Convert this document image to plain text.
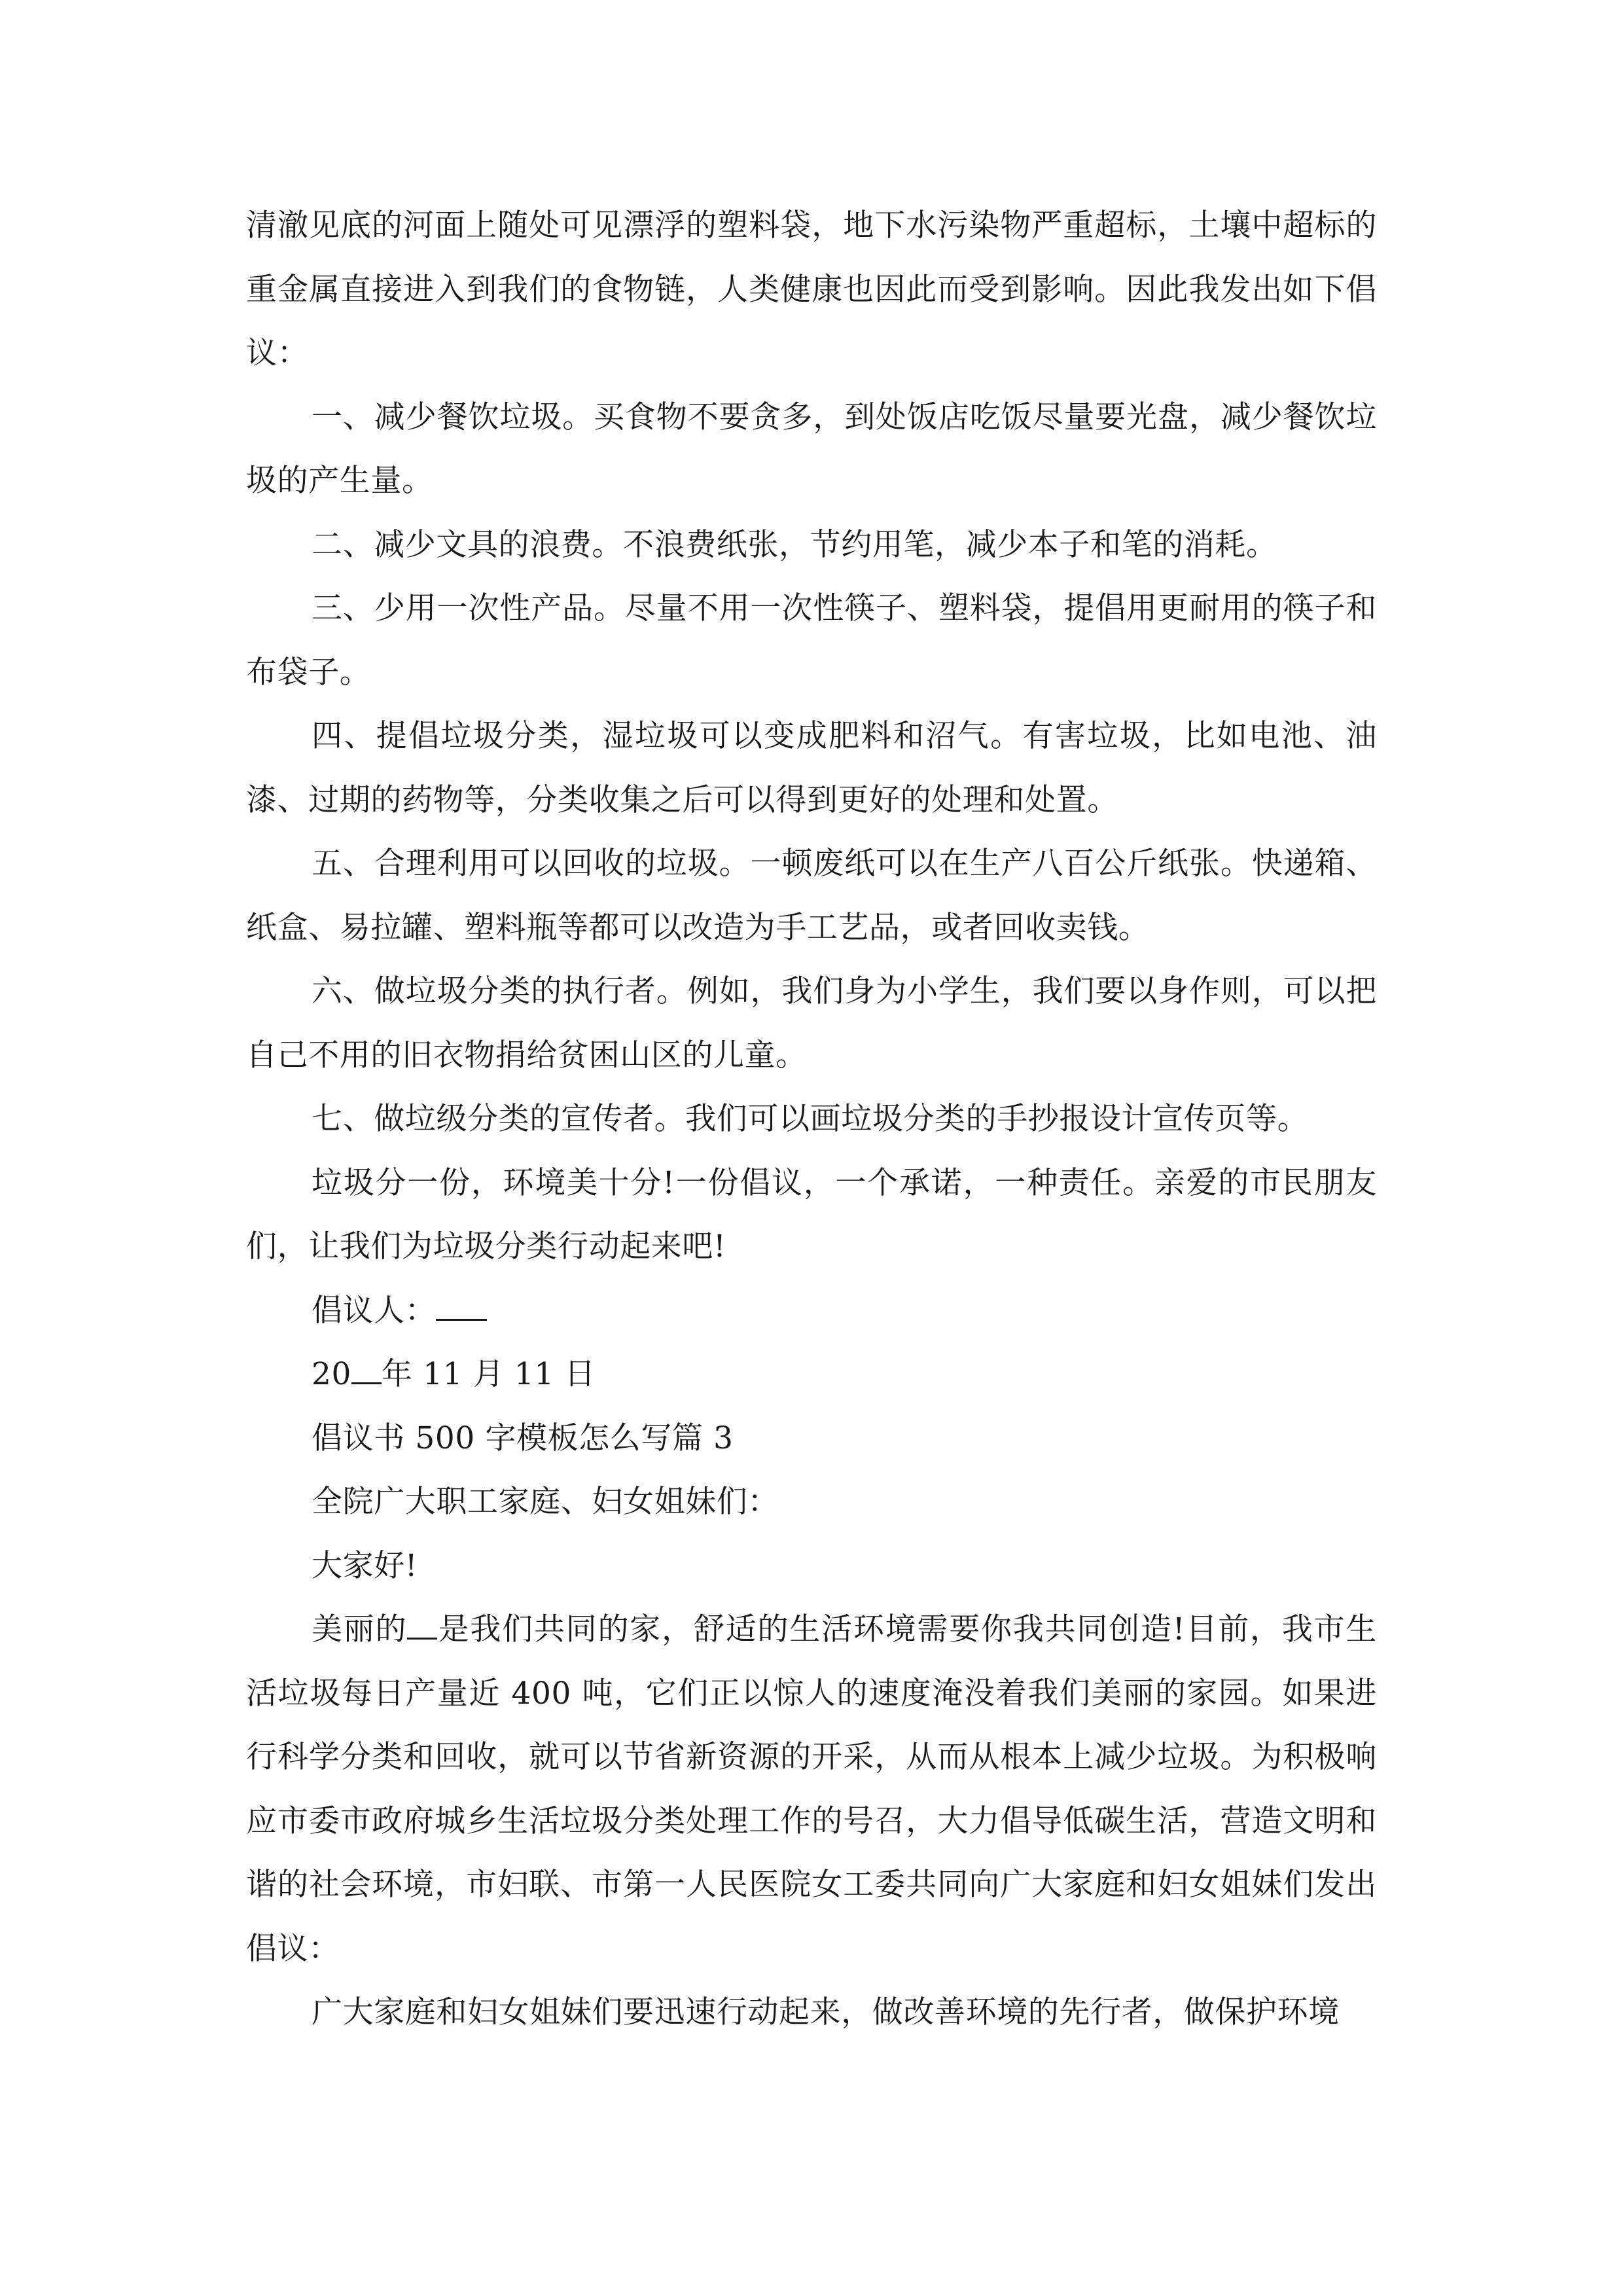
清澈见底的河面上随处可见漂浮的塑料袋，地下水污染物严重超标，土壤中超标的重金属直接进入到我们的食物链，人类健康也因此而受到影响。因此我发出如下倡议：

一、减少餐饮垃圾。买食物不要贪多，到处饭店吃饭尽量要光盘，减少餐饮垃圾的产生量。

二、减少文具的浪费。不浪费纸张，节约用笔，减少本子和笔的消耗。

三、少用一次性产品。尽量不用一次性筷子、塑料袋，提倡用更耐用的筷子和布袋子。

四、提倡垃圾分类，湿垃圾可以变成肥料和沼气。有害垃圾，比如电池、油漆、过期的药物等，分类收集之后可以得到更好的处理和处置。

五、合理利用可以回收的垃圾。一顿废纸可以在生产八百公斤纸张。快递箱、纸盒、易拉罐、塑料瓶等都可以改造为手工艺品，或者回收卖钱。

六、做垃圾分类的执行者。例如，我们身为小学生，我们要以身作则，可以把自己不用的旧衣物捐给贫困山区的儿童。

七、做垃级分类的宣传者。我们可以画垃圾分类的手抄报设计宣传页等。

垃圾分一份，环境美十分!一份倡议，一个承诺，一种责任。亲爱的市民朋友们，让我们为垃圾分类行动起来吧!

倡议人：

20 年 11 月 11 日

倡议书 500 字模板怎么写篇 3

全院广大职工家庭、妇女姐妹们：

大家好!

美丽的 是我们共同的家，舒适的生活环境需要你我共同创造!目前，我市生活垃圾每日产量近 400 吨，它们正以惊人的速度淹没着我们美丽的家园。如果进行科学分类和回收，就可以节省新资源的开采，从而从根本上减少垃圾。为积极响应市委市政府城乡生活垃圾分类处理工作的号召，大力倡导低碳生活，营造文明和谐的社会环境，市妇联、市第一人民医院女工委共同向广大家庭和妇女姐妹们发出倡议：

广大家庭和妇女姐妹们要迅速行动起来，做改善环境的先行者，做保护环境
